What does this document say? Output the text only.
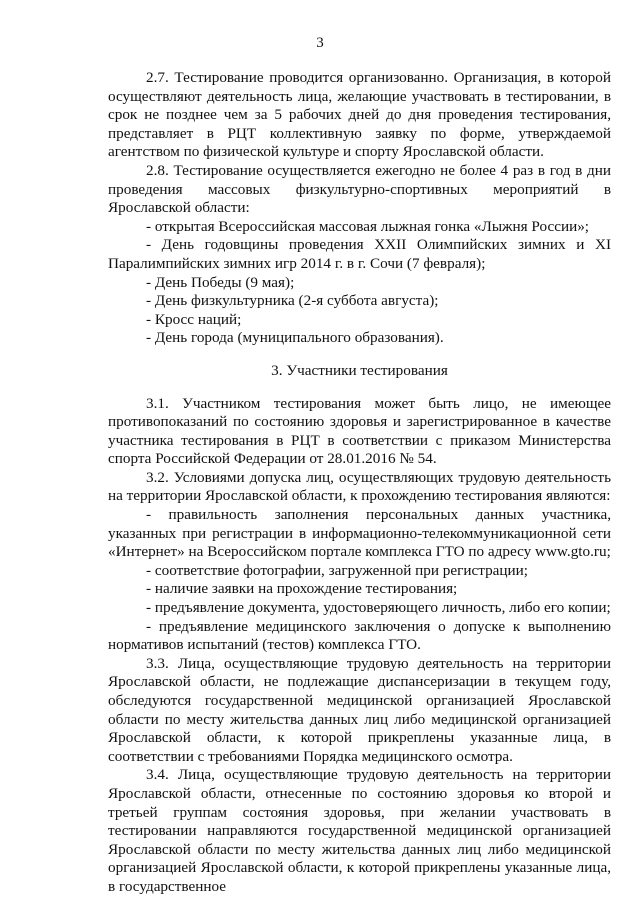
3

2.7. Тестирование проводится организованно. Организация, в которой осуществляют деятельность лица, желающие участвовать в тестировании, в срок не позднее чем за 5 рабочих дней до дня проведения тестирования, представляет в РЦТ коллективную заявку по форме, утверждаемой агентством по физической культуре и спорту Ярославской области.

2.8. Тестирование осуществляется ежегодно не более 4 раз в год в дни проведения массовых физкультурно-спортивных мероприятий в Ярославской области:

- открытая Всероссийская массовая лыжная гонка «Лыжня России»;

- День годовщины проведения XXII Олимпийских зимних и XI Паралимпийских зимних игр 2014 г. в г. Сочи (7 февраля);

- День Победы (9 мая);

- День физкультурника (2-я суббота августа);

- Кросс наций;

- День города (муниципального образования).

3. Участники тестирования

3.1. Участником тестирования может быть лицо, не имеющее противопоказаний по состоянию здоровья и зарегистрированное в качестве участника тестирования в РЦТ в соответствии с приказом Министерства спорта Российской Федерации от 28.01.2016 № 54.

3.2. Условиями допуска лиц, осуществляющих трудовую деятельность на территории Ярославской области, к прохождению тестирования являются:

- правильность заполнения персональных данных участника, указанных при регистрации в информационно-телекоммуникационной сети «Интернет» на Всероссийском портале комплекса ГТО по адресу www.gto.ru;

- соответствие фотографии, загруженной при регистрации;

- наличие заявки на прохождение тестирования;

- предъявление документа, удостоверяющего личность, либо его копии;

- предъявление медицинского заключения о допуске к выполнению нормативов испытаний (тестов) комплекса ГТО.

3.3. Лица, осуществляющие трудовую деятельность на территории Ярославской области, не подлежащие диспансеризации в текущем году, обследуются государственной медицинской организацией Ярославской области по месту жительства данных лиц либо медицинской организацией Ярославской области, к которой прикреплены указанные лица, в соответствии с требованиями Порядка медицинского осмотра.

3.4. Лица, осуществляющие трудовую деятельность на территории Ярославской области, отнесенные по состоянию здоровья ко второй и третьей группам состояния здоровья, при желании участвовать в тестировании направляются государственной медицинской организацией Ярославской области по месту жительства данных лиц либо медицинской организацией Ярославской области, к которой прикреплены указанные лица, в государственное
